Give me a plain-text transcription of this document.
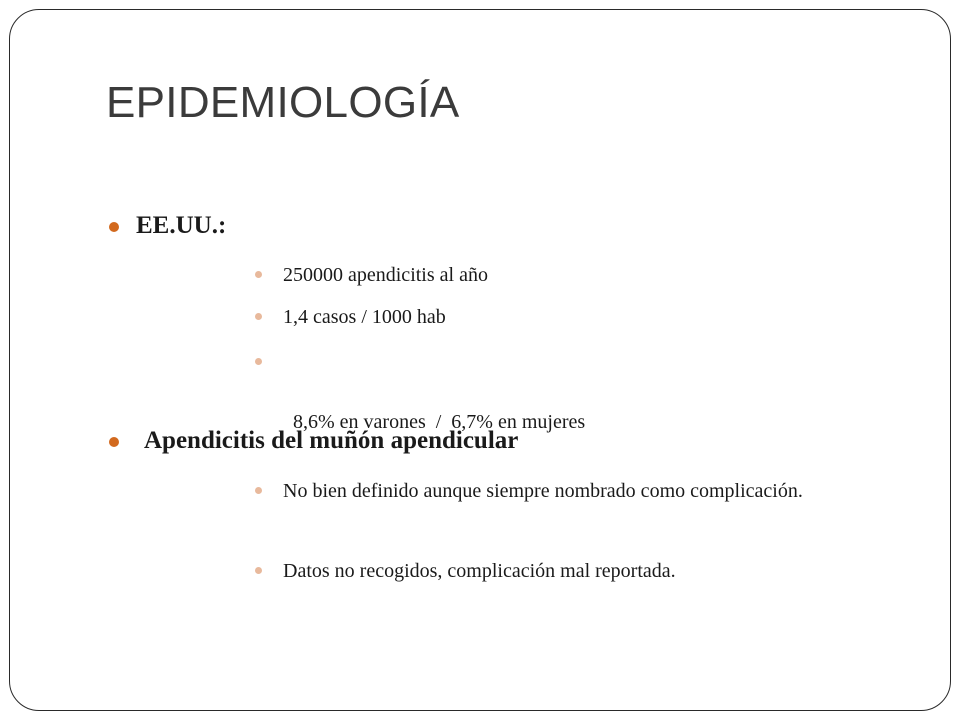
EPIDEMIOLOGÍA
EE.UU.:
250000 apendicitis al año
1,4 casos / 1000 hab

8,6% en varones  /  6,7% en mujeres

Apendicitis del muñón apendicular
No bien definido aunque siempre nombrado como complicación.
Datos no recogidos, complicación mal reportada.
